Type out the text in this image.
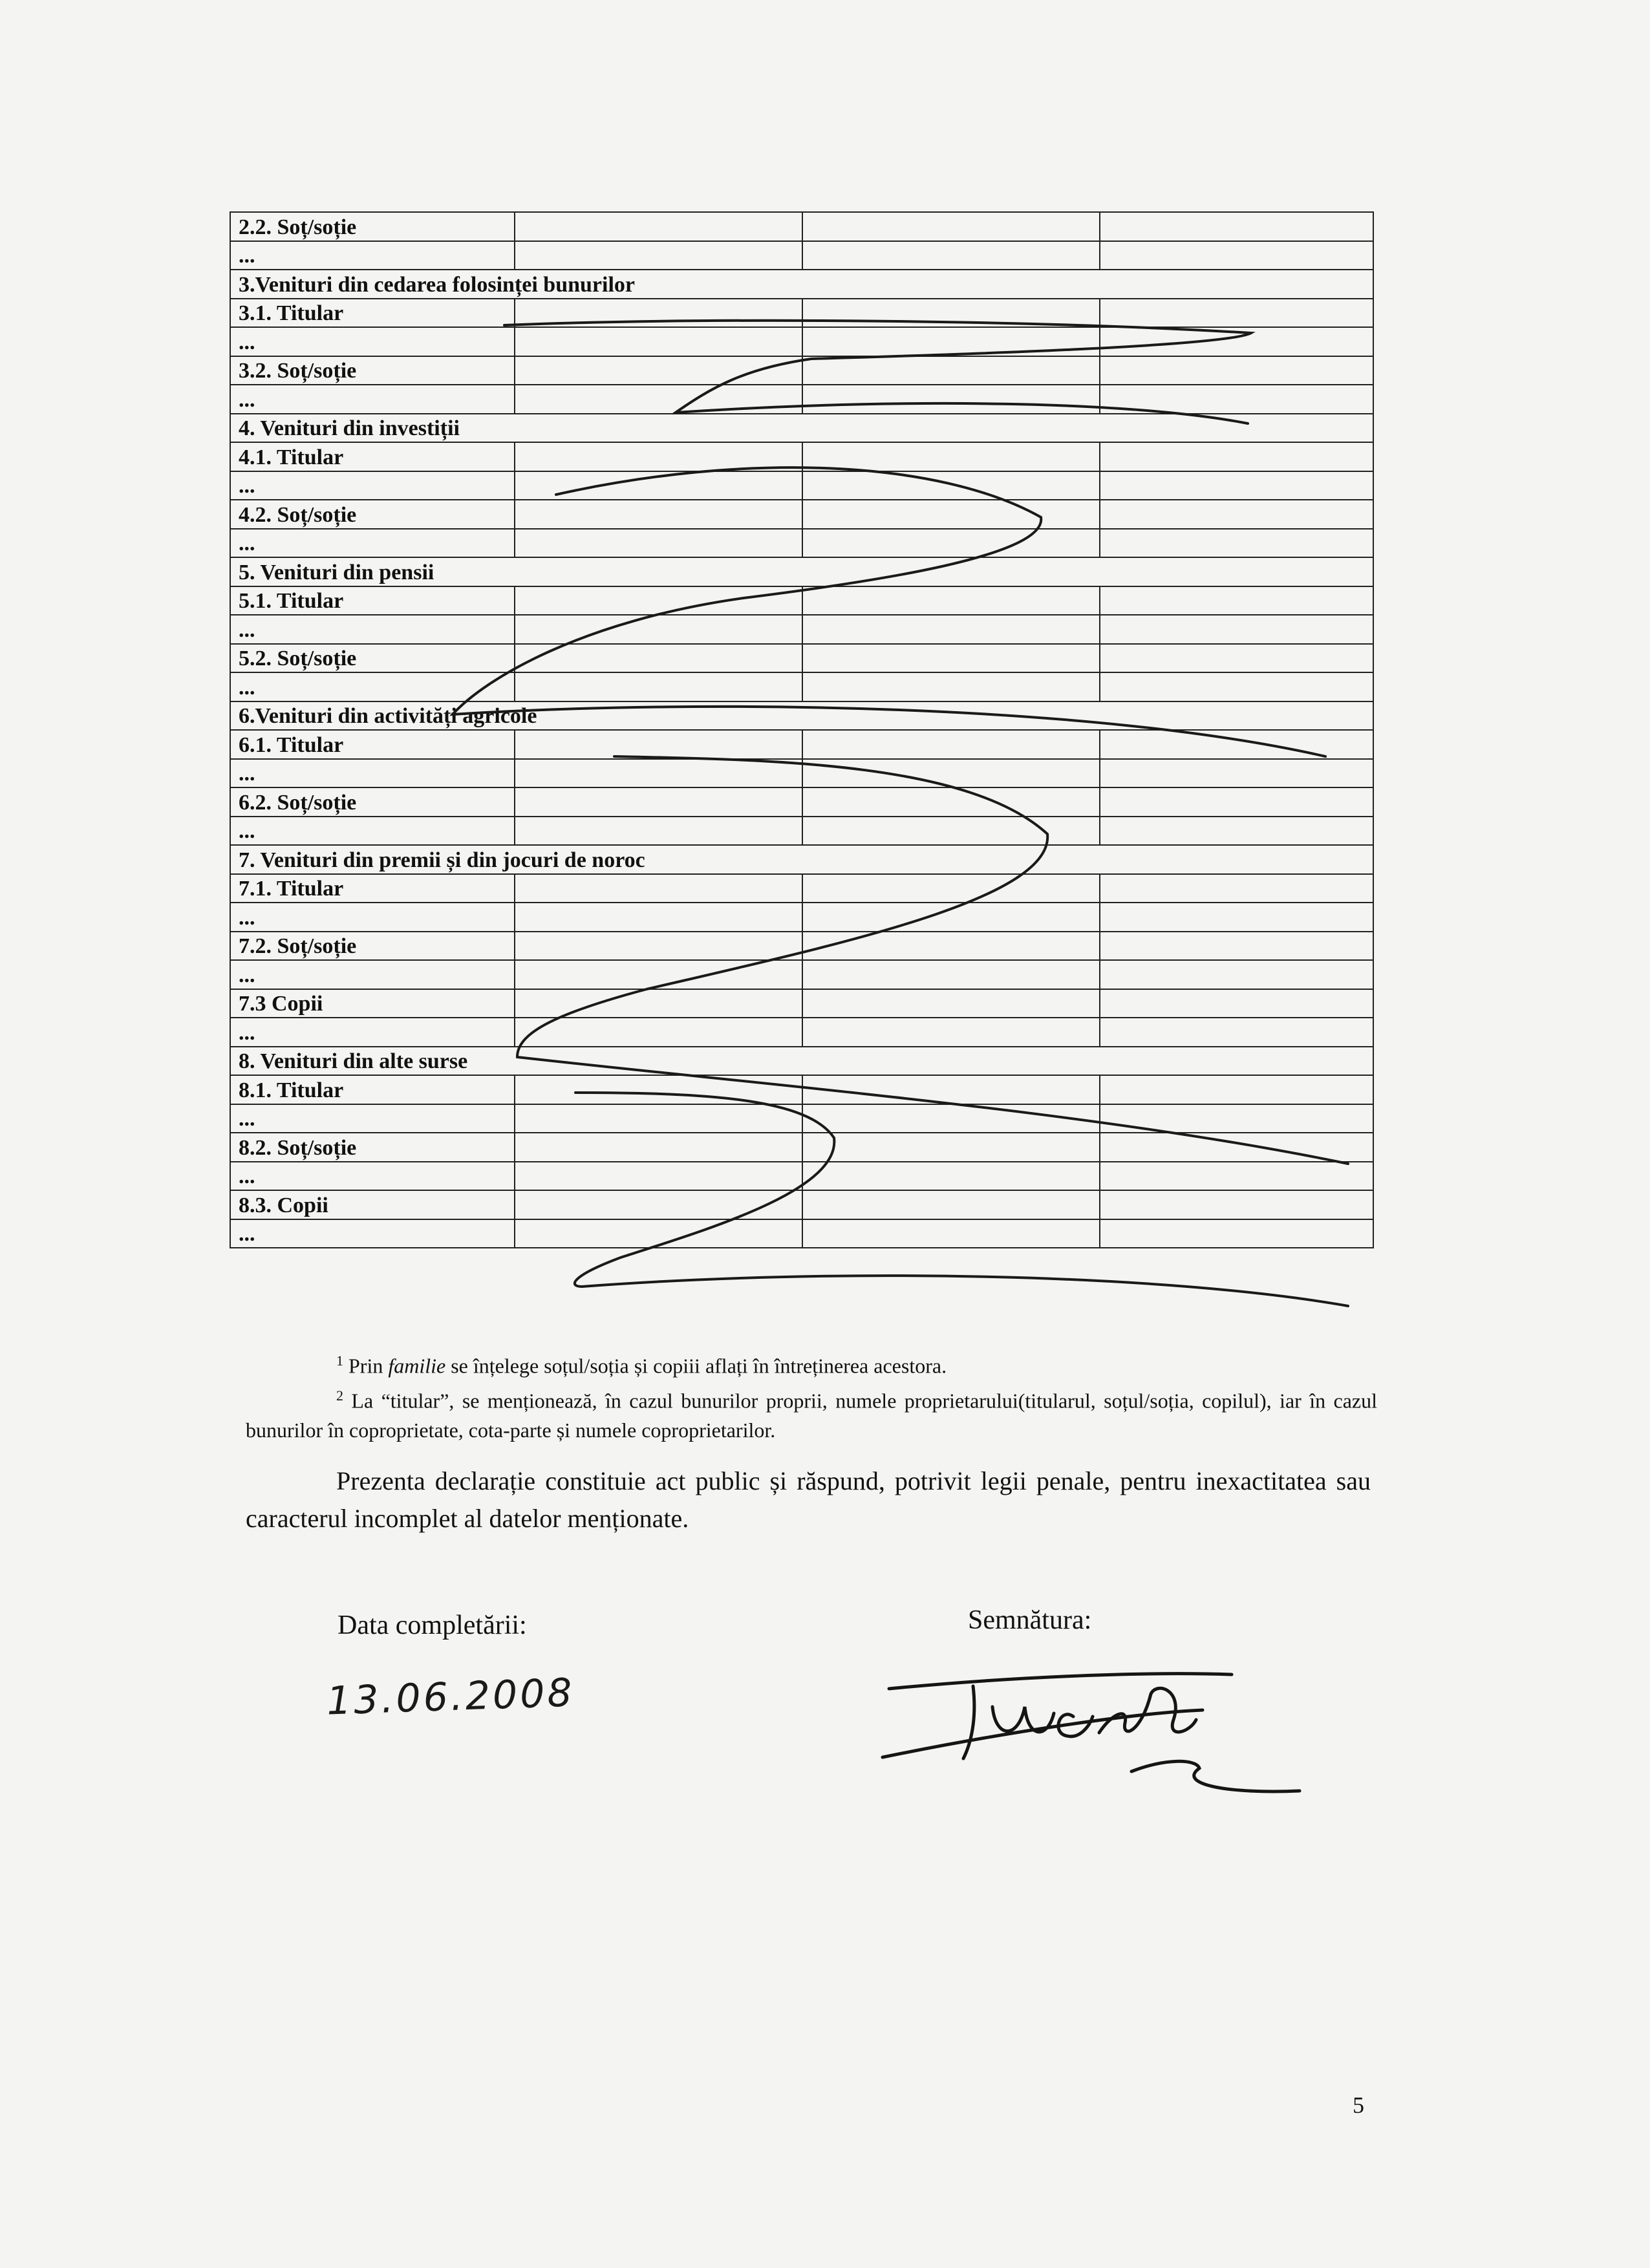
2.2. Soț/soție			
...			
3.Venituri din cedarea folosinței bunurilor			
3.1. Titular			
...			
3.2. Soț/soție			
...			
4. Venituri din investiții			
4.1. Titular			
...			
4.2. Soț/soție			
...			
5. Venituri din pensii			
5.1. Titular			
...			
5.2. Soț/soție			
...			
6.Venituri din activități agricole			
6.1. Titular			
...			
6.2. Soț/soție			
...			
7. Venituri din premii și din jocuri de noroc			
7.1. Titular			
...			
7.2. Soț/soție			
...			
7.3 Copii			
...			
8. Venituri din alte surse			
8.1. Titular			
...			
8.2. Soț/soție			
...			
8.3. Copii			
...			

$^1$ Prin familie se înțelege soțul/soția și copiii aflați în întreținerea acestora.

$^2$ La “titular”, se menționează, în cazul bunurilor proprii, numele proprietarului(titularul, soțul/soția, copilul), iar în cazul bunurilor în coproprietate, cota-parte și numele coproprietarilor.

Prezenta declarație constituie act public și răspund, potrivit legii penale, pentru inexactitatea sau caracterul incomplet al datelor menționate.

Data completării:
13.06.2008
Semnătura:
5
